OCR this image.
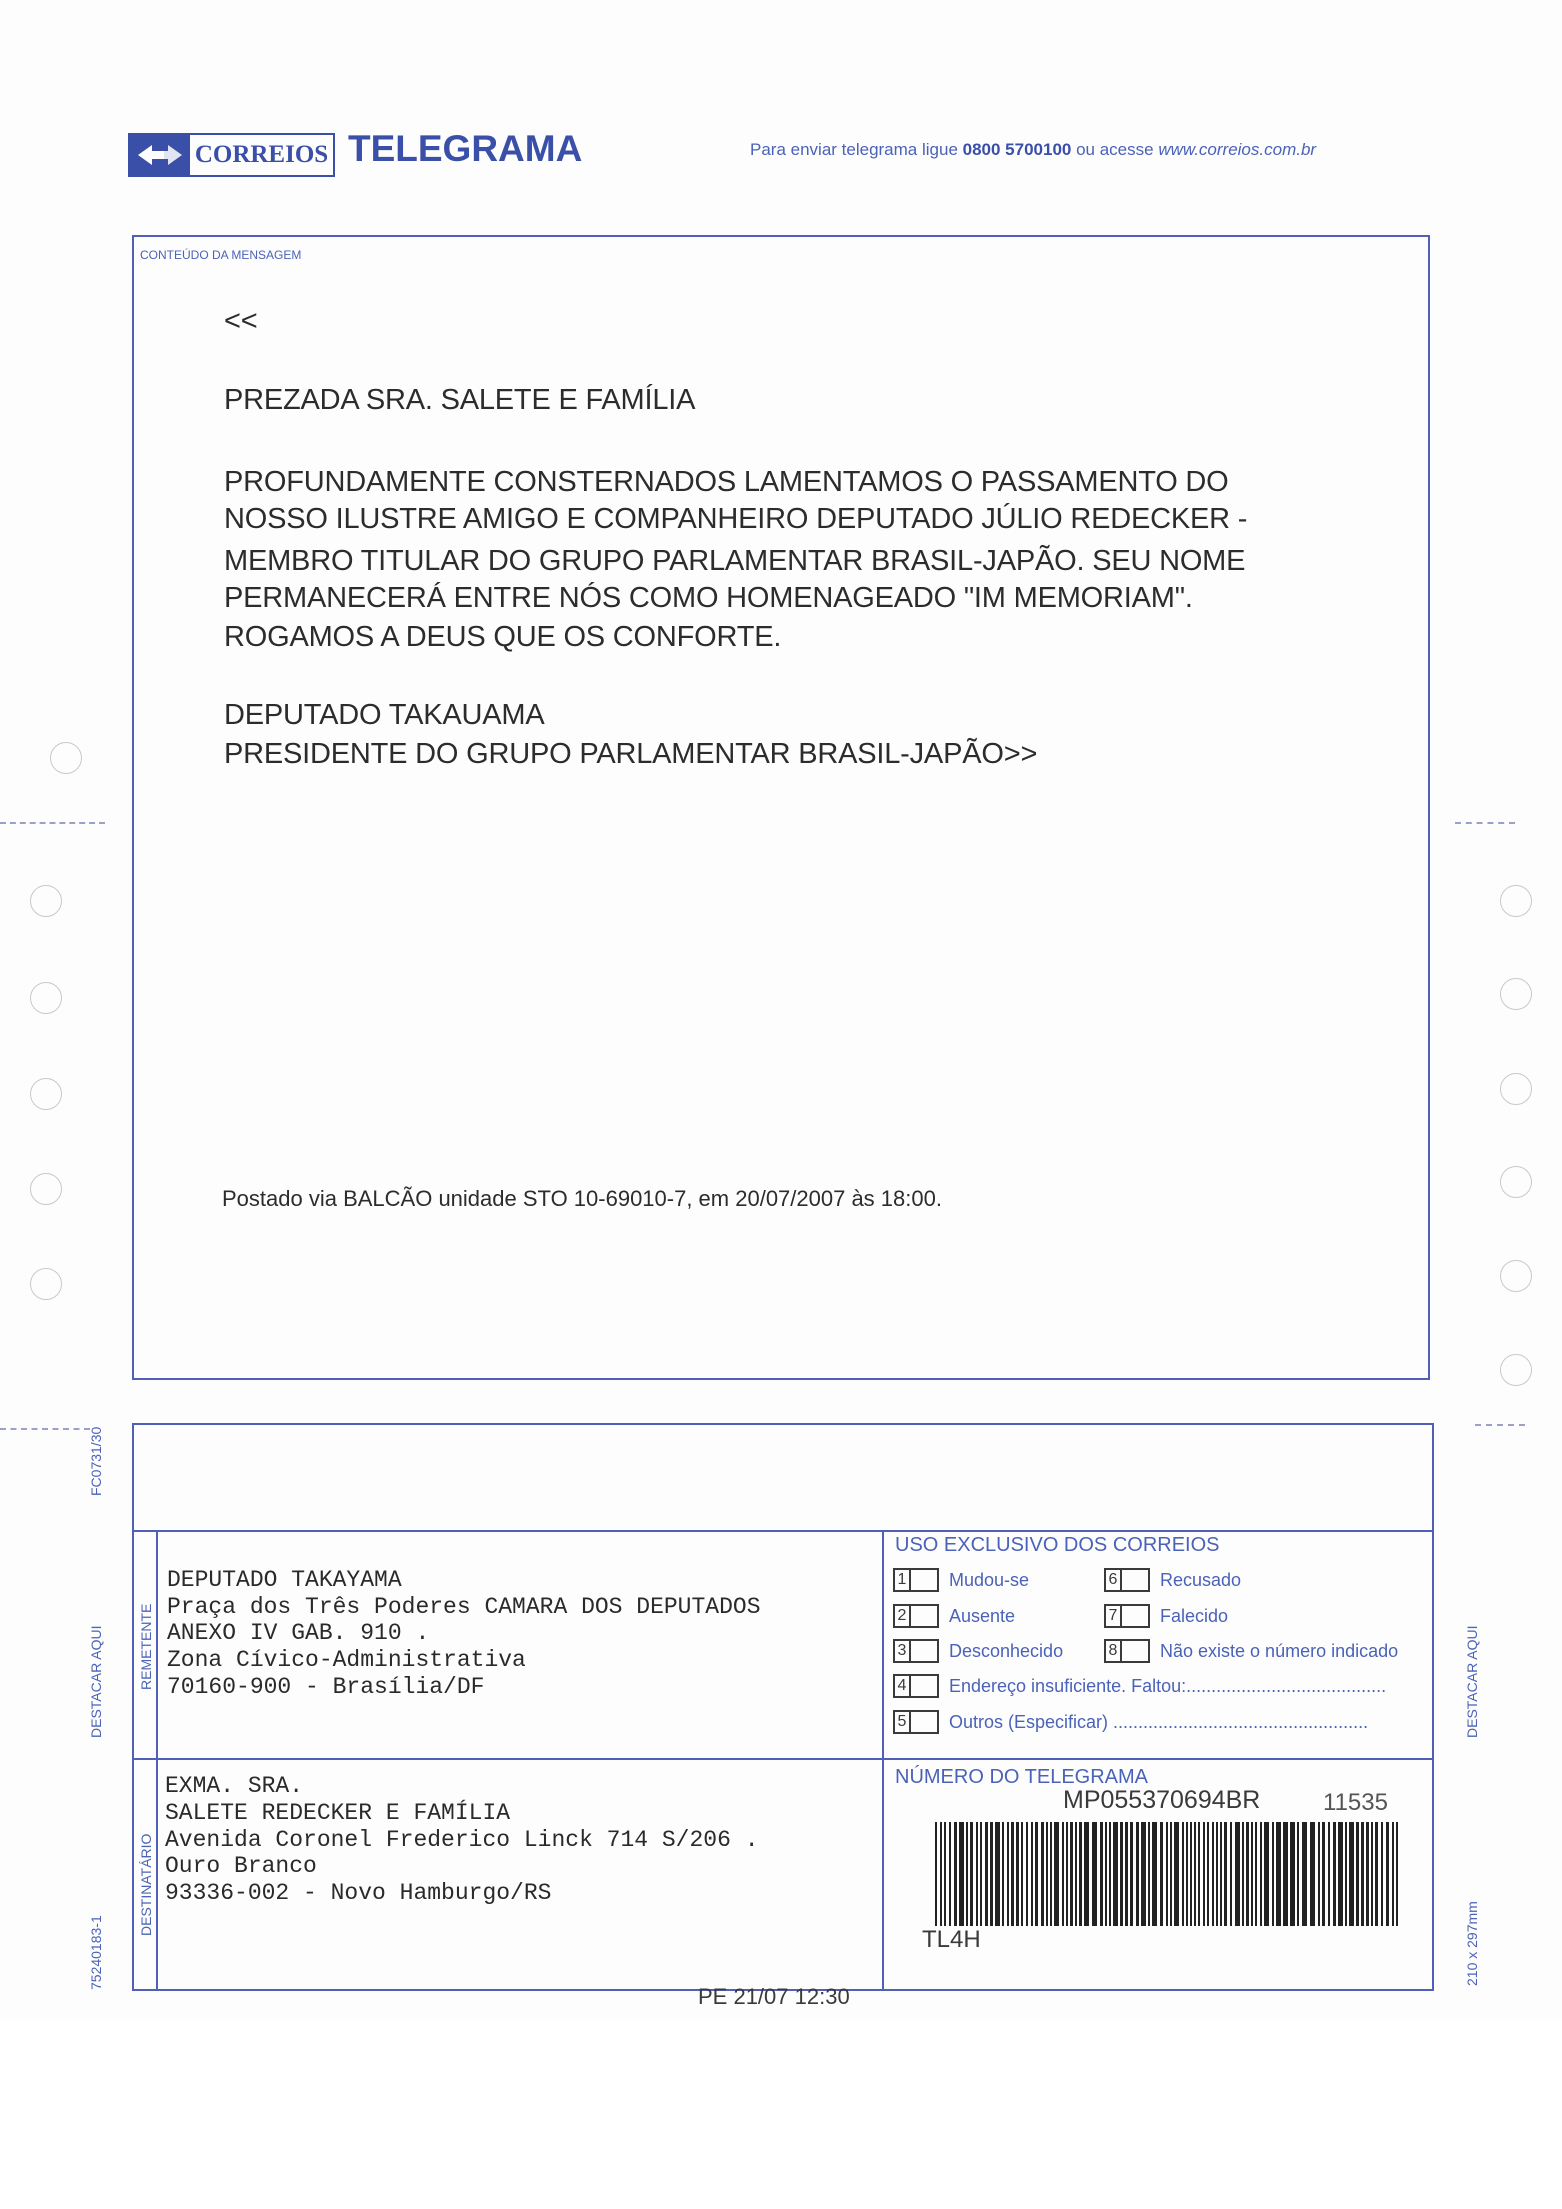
CORREIOS TELEGRAMA	Para enviar telegrama ligue 0800 5700100 ou acesse www.correios.com.br
CONTEÚDO DA MENSAGEM
<<
PREZADA SRA. SALETE E FAMÍLIA
PROFUNDAMENTE CONSTERNADOS LAMENTAMOS O PASSAMENTO DO
NOSSO ILUSTRE AMIGO E COMPANHEIRO DEPUTADO JÚLIO REDECKER -
MEMBRO TITULAR DO GRUPO PARLAMENTAR BRASIL-JAPÃO. SEU NOME
PERMANECERÁ ENTRE NÓS COMO HOMENAGEADO "IM MEMORIAM".
ROGAMOS A DEUS QUE OS CONFORTE.
DEPUTADO TAKAUAMA
PRESIDENTE DO GRUPO PARLAMENTAR BRASIL-JAPÃO>>
Postado via BALCÃO unidade STO 10-69010-7, em 20/07/2007 às 18:00.
REMETENTE
DESTINATÁRIO
DEPUTADO TAKAYAMA
Praça dos Três Poderes CAMARA DOS DEPUTADOS
ANEXO IV GAB. 910 .
Zona Cívico-Administrativa
70160-900 - Brasília/DF
EXMA. SRA.
SALETE REDECKER E FAMÍLIA
Avenida Coronel Frederico Linck 714 S/206 .
Ouro Branco
93336-002 - Novo Hamburgo/RS
USO EXCLUSIVO DOS CORREIOS
1 Mudou-se
2 Ausente
3 Desconhecido
4 Endereço insuficiente. Faltou:........................................
5 Outros (Especificar) ...................................................
6 Recusado
7 Falecido
8 Não existe o número indicado
NÚMERO DO TELEGRAMA
MP055370694BR	11535
TL4H
PE 21/07 12:30
FC0731/30
DESTACAR AQUI
75240183-1
DESTACAR AQUI
210 x 297mm
